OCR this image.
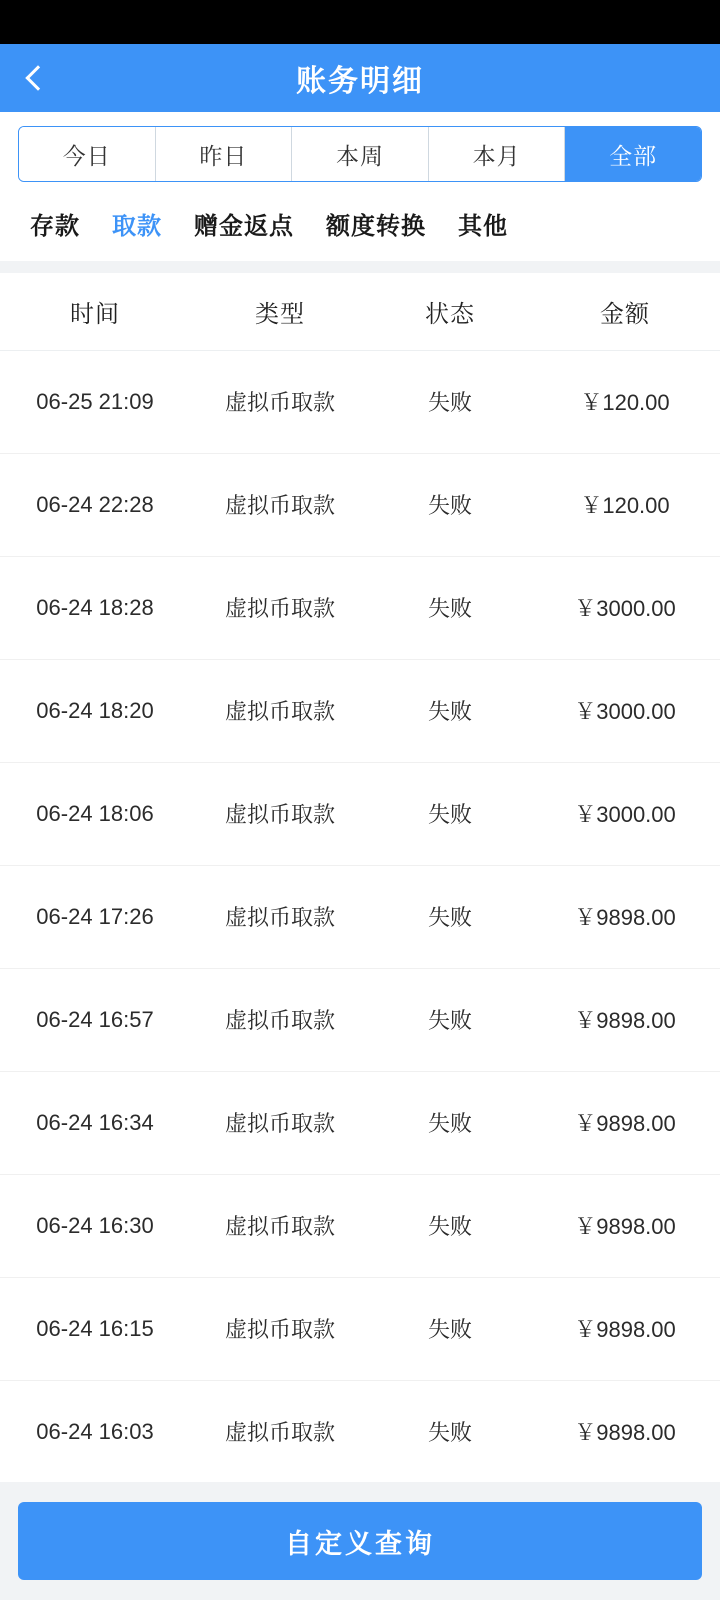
账务明细
今日	昨日	本周	本月	全部
存款	取款	赠金返点	额度转换	其他
时间	类型	状态	金额
06-25 21:09	虚拟币取款	失败	￥120.00
06-24 22:28	虚拟币取款	失败	￥120.00
06-24 18:28	虚拟币取款	失败	￥3000.00
06-24 18:20	虚拟币取款	失败	￥3000.00
06-24 18:06	虚拟币取款	失败	￥3000.00
06-24 17:26	虚拟币取款	失败	￥9898.00
06-24 16:57	虚拟币取款	失败	￥9898.00
06-24 16:34	虚拟币取款	失败	￥9898.00
06-24 16:30	虚拟币取款	失败	￥9898.00
06-24 16:15	虚拟币取款	失败	￥9898.00
06-24 16:03	虚拟币取款	失败	￥9898.00
自定义查询
